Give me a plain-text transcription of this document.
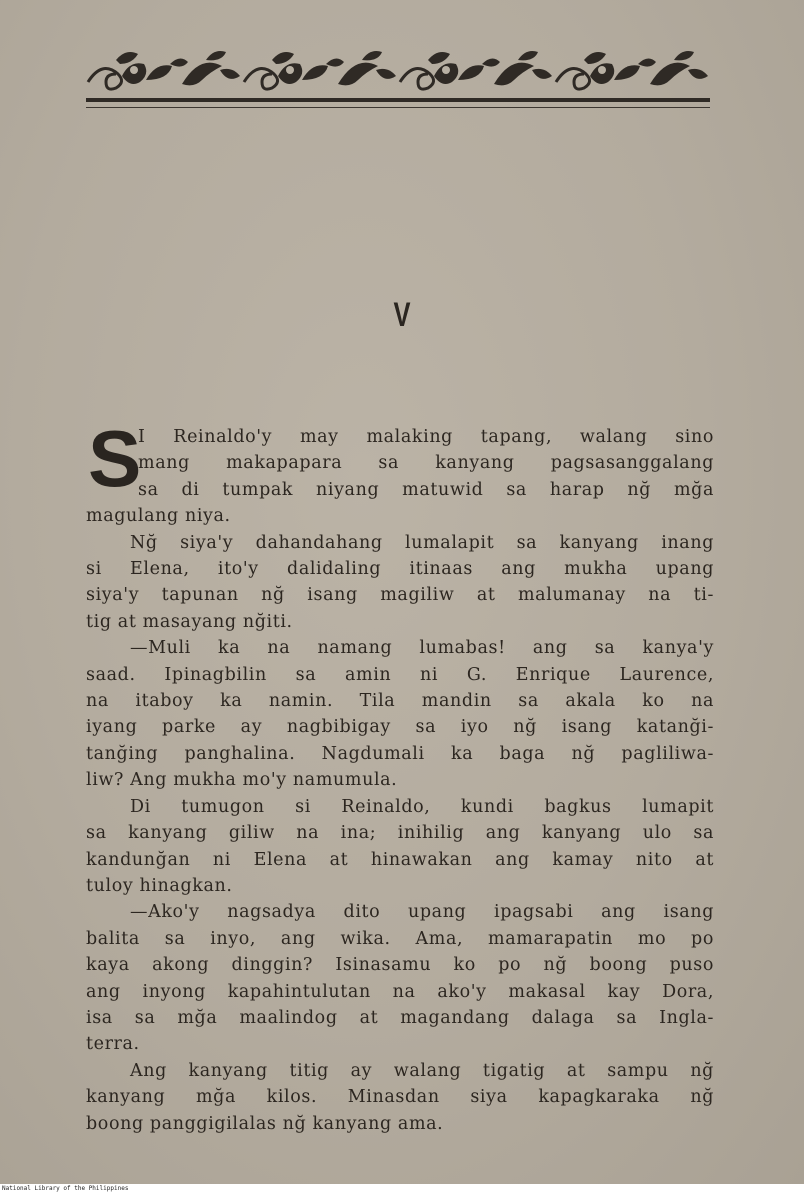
V
S
I Reinaldo'y may malaking tapang, walang sino
mang makapapara sa kanyang pagsasanggalang
sa di tumpak niyang matuwid sa harap nğ mğa
magulang niya.
Nğ siya'y dahandahang lumalapit sa kanyang inang
si Elena, ito'y dalidaling itinaas ang mukha upang
siya'y tapunan nğ isang magiliw at malumanay na ti-
tig at masayang nğiti.
—Muli ka na namang lumabas! ang sa kanya'y
saad. Ipinagbilin sa amin ni G. Enrique Laurence,
na itaboy ka namin. Tila mandin sa akala ko na
iyang parke ay nagbibigay sa iyo nğ isang katanği-
tanğing panghalina. Nagdumali ka baga nğ pagliliwa-
liw? Ang mukha mo'y namumula.
Di tumugon si Reinaldo, kundi bagkus lumapit
sa kanyang giliw na ina; inihilig ang kanyang ulo sa
kandunğan ni Elena at hinawakan ang kamay nito at
tuloy hinagkan.
—Ako'y nagsadya dito upang ipagsabi ang isang
balita sa inyo, ang wika. Ama, mamarapatin mo po
kaya akong dinggin? Isinasamu ko po nğ boong puso
ang inyong kapahintulutan na ako'y makasal kay Dora,
isa sa mğa maalindog at magandang dalaga sa Ingla-
terra.
Ang kanyang titig ay walang tigatig at sampu nğ
kanyang mğa kilos. Minasdan siya kapagkaraka nğ
boong panggigilalas nğ kanyang ama.
National Library of the Philippines
